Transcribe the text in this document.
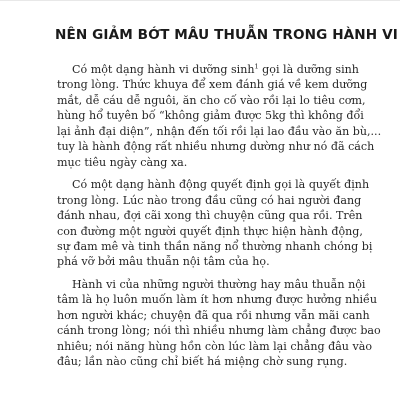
NÊN GIẢM BỚT MÂU THUẪN TRONG HÀNH VI

Có một dạng hành vi dưỡng sinh$^1$ gọi là dưỡng sinh
trong lòng. Thức khuya để xem đánh giá về kem dưỡng
mắt, dễ cáu dễ nguôi, ăn cho cố vào rồi lại lo tiêu cơm,
hùng hổ tuyên bố “không giảm được 5kg thì không đổi
lại ảnh đại diện”, nhận đến tối rồi lại lao đầu vào ăn bù,...
tuy là hành động rất nhiều nhưng dường như nó đã cách
mục tiêu ngày càng xa.

Có một dạng hành động quyết định gọi là quyết định
trong lòng. Lúc nào trong đầu cũng có hai người đang
đánh nhau, đợi cãi xong thì chuyện cũng qua rồi. Trên
con đường một người quyết định thực hiện hành động,
sự đam mê và tinh thần năng nổ thường nhanh chóng bị
phá vỡ bởi mâu thuẫn nội tâm của họ.

Hành vi của những người thường hay mâu thuẫn nội
tâm là họ luôn muốn làm ít hơn nhưng được hưởng nhiều
hơn người khác; chuyện đã qua rồi nhưng vẫn mãi canh
cánh trong lòng; nói thì nhiều nhưng làm chẳng được bao
nhiêu; nói năng hùng hồn còn lúc làm lại chẳng đâu vào
đâu; lần nào cũng chỉ biết há miệng chờ sung rụng.
